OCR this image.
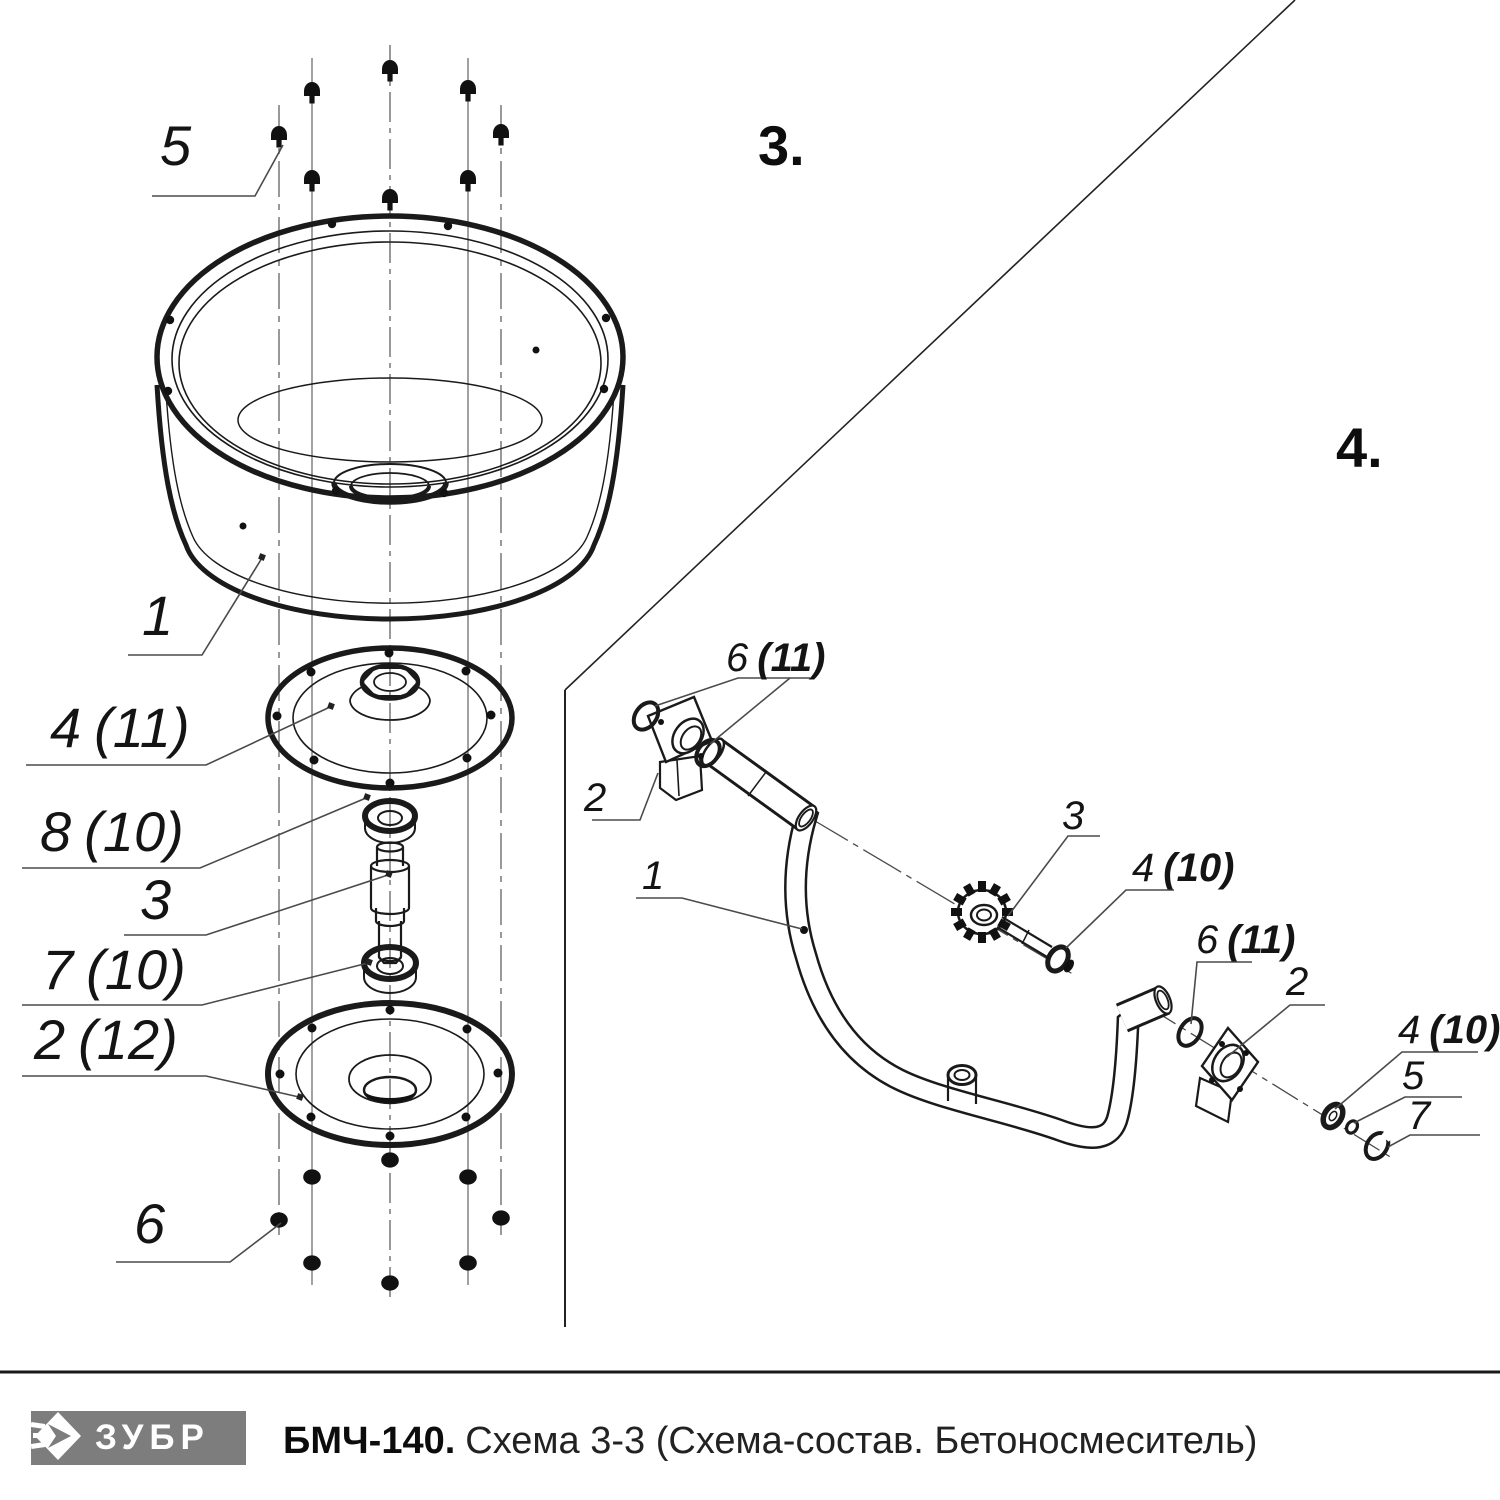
3.
4.
5
1
4 (11)
8 (10)
3
7 (10)
2 (12)
6
6 (11)
2
1
3
4 (10)
6 (11)
2
4 (10)
5
7
ЗУБР БМЧ-140. Схема 3-3 (Схема-состав. Бетоносмеситель)
